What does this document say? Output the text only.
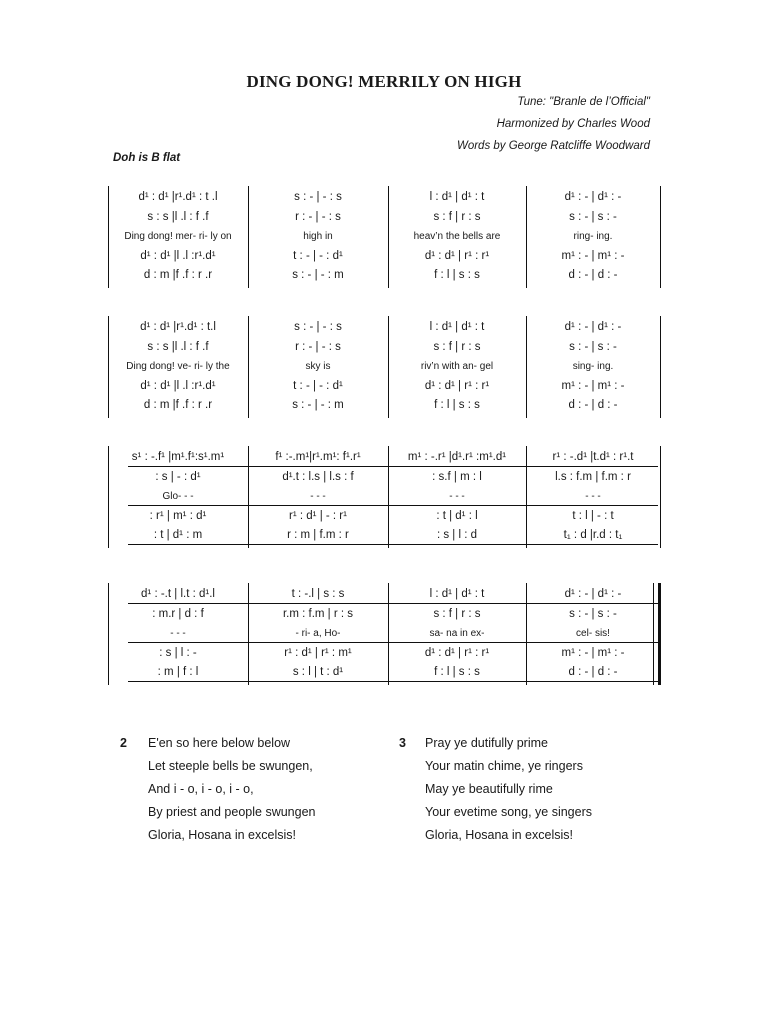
DING DONG! MERRILY ON HIGH
Tune: "Branle de l’Official"
Harmonized by Charles Wood
Words by George Ratcliffe Woodward
Doh is B flat
d¹ : d¹ |r¹.d¹ : t .l
s : s |l .l : f .f
Ding dong! mer- ri- ly on
d¹ : d¹ |l .l :r¹.d¹
d : m |f .f : r .r
s : - | - : s
r : - | - : s
high in
t : - | - : d¹
s : - | - : m
l : d¹ | d¹ : t
s : f | r : s
heav’n the bells are
d¹ : d¹ | r¹ : r¹
f : l | s : s
d¹ : - | d¹ : -
s : - | s : -
ring- ing.
m¹ : - | m¹ : -
d : - | d : -
d¹ : d¹ |r¹.d¹ : t.l
s : s |l .l : f .f
Ding dong! ve- ri- ly the
d¹ : d¹ |l .l :r¹.d¹
d : m |f .f : r .r
s : - | - : s
r : - | - : s
sky is
t : - | - : d¹
s : - | - : m
l : d¹ | d¹ : t
s : f | r : s
riv’n with an- gel
d¹ : d¹ | r¹ : r¹
f : l | s : s
d¹ : - | d¹ : -
s : - | s : -
sing- ing.
m¹ : - | m¹ : -
d : - | d : -
s¹ : -.f¹ |m¹.f¹:s¹.m¹
: s | - : d¹
Glo- - -
: r¹ | m¹ : d¹
: t | d¹ : m
f¹ :-.m¹|r¹.m¹: f¹.r¹
d¹.t : l.s | l.s : f
- - -
r¹ : d¹ | - : r¹
r : m | f.m : r
m¹ : -.r¹ |d¹.r¹ :m¹.d¹
: s.f | m : l
- - -
: t | d¹ : l
: s | l : d
r¹ : -.d¹ |t.d¹ : r¹.t
l.s : f.m | f.m : r
- - -
t : l | - : t
t₁ : d |r.d : t₁
d¹ : -.t | l.t : d¹.l
: m.r | d : f
- - -
: s | l : -
: m | f : l
t : -.l | s : s
r.m : f.m | r : s
- ri- a, Ho-
r¹ : d¹ | r¹ : m¹
s : l | t : d¹
l : d¹ | d¹ : t
s : f | r : s
sa- na in ex-
d¹ : d¹ | r¹ : r¹
f : l | s : s
d¹ : - | d¹ : -
s : - | s : -
cel- sis!
m¹ : - | m¹ : -
d : - | d : -
2 E'en so here below below
Let steeple bells be swungen,
And i - o, i - o, i - o,
By priest and people swungen
Gloria, Hosana in excelsis!
3 Pray ye dutifully prime
Your matin chime, ye ringers
May ye beautifully rime
Your evetime song, ye singers
Gloria, Hosana in excelsis!
